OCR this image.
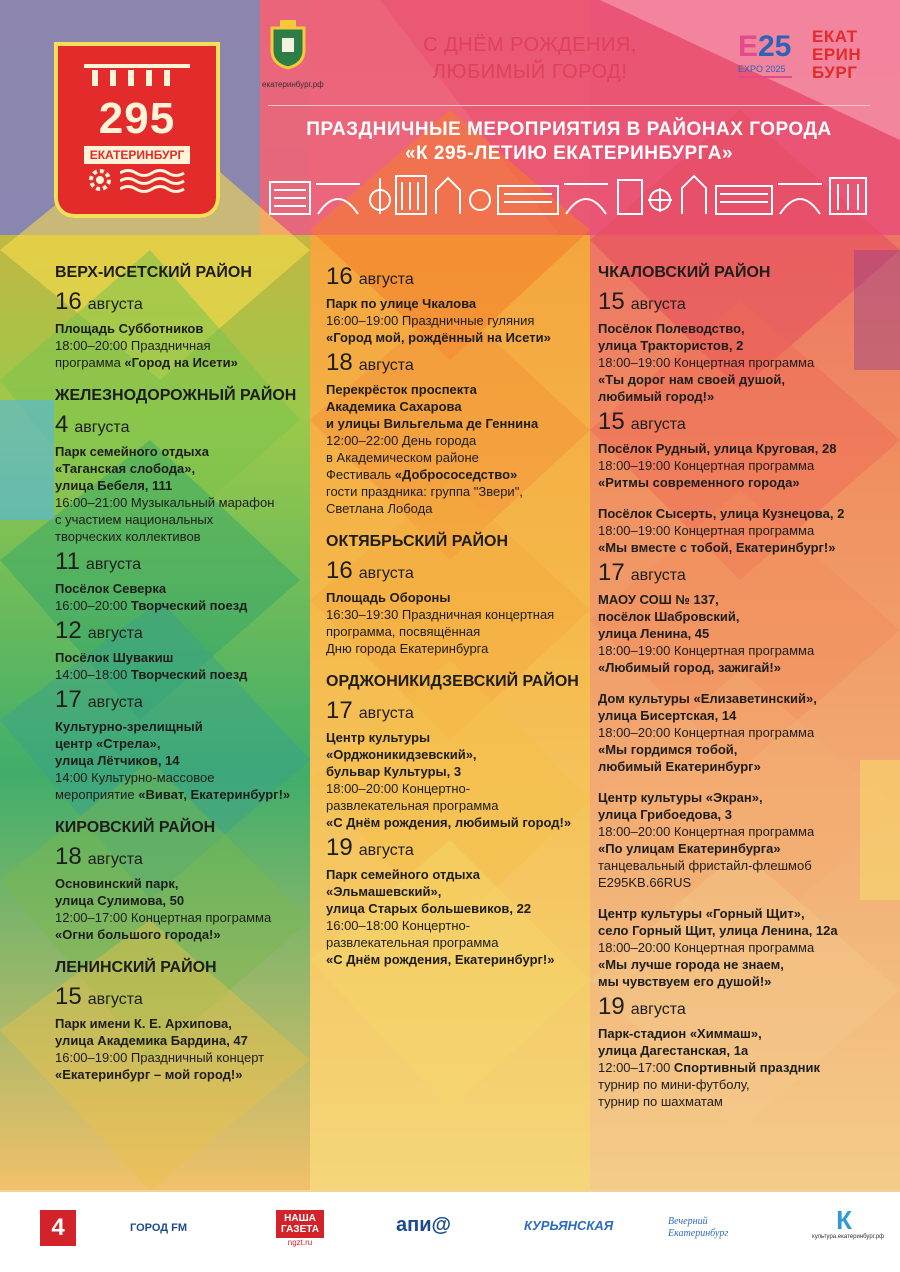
295
ЕКАТЕРИНБУРГ
екатеринбург.рф
С ДНЁМ РОЖДЕНИЯ,
ЛЮБИМЫЙ ГОРОД!
E 25
EXPO 2025
ЕКАТ
ЕРИН
БУРГ
ПРАЗДНИЧНЫЕ МЕРОПРИЯТИЯ В РАЙОНАХ ГОРОДА
«К 295-ЛЕТИЮ ЕКАТЕРИНБУРГА»
ВЕРХ-ИСЕТСКИЙ РАЙОН
16 августа
Площадь Субботников
18:00–20:00 Праздничная
программа «Город на Исети»
ЖЕЛЕЗНОДОРОЖНЫЙ РАЙОН
4 августа
Парк семейного отдыха
«Таганская слобода»,
улица Бебеля, 111
16:00–21:00 Музыкальный марафон
с участием национальных
творческих коллективов
11 августа
Посёлок Северка
16:00–20:00 Творческий поезд
12 августа
Посёлок Шувакиш
14:00–18:00 Творческий поезд
17 августа
Культурно-зрелищный
центр «Стрела»,
улица Лётчиков, 14
14:00 Культурно-массовое
мероприятие «Виват, Екатеринбург!»
КИРОВСКИЙ РАЙОН
18 августа
Основинский парк,
улица Сулимова, 50
12:00–17:00 Концертная программа
«Огни большого города!»
ЛЕНИНСКИЙ РАЙОН
15 августа
Парк имени К. Е. Архипова,
улица Академика Бардина, 47
16:00–19:00 Праздничный концерт
«Екатеринбург – мой город!»
16 августа
Парк по улице Чкалова
16:00–19:00 Праздничные гуляния
«Город мой, рождённый на Исети»
18 августа
Перекрёсток проспекта
Академика Сахарова
и улицы Вильгельма де Геннина
12:00–22:00 День города
в Академическом районе
Фестиваль «Добрососедство»
гости праздника: группа "Звери",
Светлана Лобода
ОКТЯБРЬСКИЙ РАЙОН
16 августа
Площадь Обороны
16:30–19:30 Праздничная концертная
программа, посвящённая
Дню города Екатеринбурга
ОРДЖОНИКИДЗЕВСКИЙ РАЙОН
17 августа
Центр культуры
«Орджоникидзевский»,
бульвар Культуры, 3
18:00–20:00 Концертно-
развлекательная программа
«С Днём рождения, любимый город!»
19 августа
Парк семейного отдыха
«Эльмашевский»,
улица Старых большевиков, 22
16:00–18:00 Концертно-
развлекательная программа
«С Днём рождения, Екатеринбург!»
ЧКАЛОВСКИЙ РАЙОН
15 августа
Посёлок Полеводство,
улица Трактористов, 2
18:00–19:00 Концертная программа
«Ты дорог нам своей душой,
любимый город!»
15 августа
Посёлок Рудный, улица Круговая, 28
18:00–19:00 Концертная программа
«Ритмы современного города»
Посёлок Сысерть, улица Кузнецова, 2
18:00–19:00 Концертная программа
«Мы вместе с тобой, Екатеринбург!»
17 августа
МАОУ СОШ № 137,
посёлок Шабровский,
улица Ленина, 45
18:00–19:00 Концертная программа
«Любимый город, зажигай!»
Дом культуры «Елизаветинский»,
улица Бисертская, 14
18:00–20:00 Концертная программа
«Мы гордимся тобой,
любимый Екатеринбург»
Центр культуры «Экран»,
улица Грибоедова, 3
18:00–20:00 Концертная программа
«По улицам Екатеринбурга»
танцевальный фристайл-флешмоб
E295KB.66RUS
Центр культуры «Горный Щит»,
село Горный Щит, улица Ленина, 12а
18:00–20:00 Концертная программа
«Мы лучше города не знаем,
мы чувствуем его душой!»
19 августа
Парк-стадион «Химмаш»,
улица Дагестанская, 1а
12:00–17:00 Спортивный праздник
турнир по мини-футболу,
турнир по шахматам
4	ГОРОД FM
НАША ГАЗЕТА
ngzt.ru
апи@	КУРЬЯНСКАЯ	Вечерний Екатеринбург	К
культура.екатеринбург.рф
